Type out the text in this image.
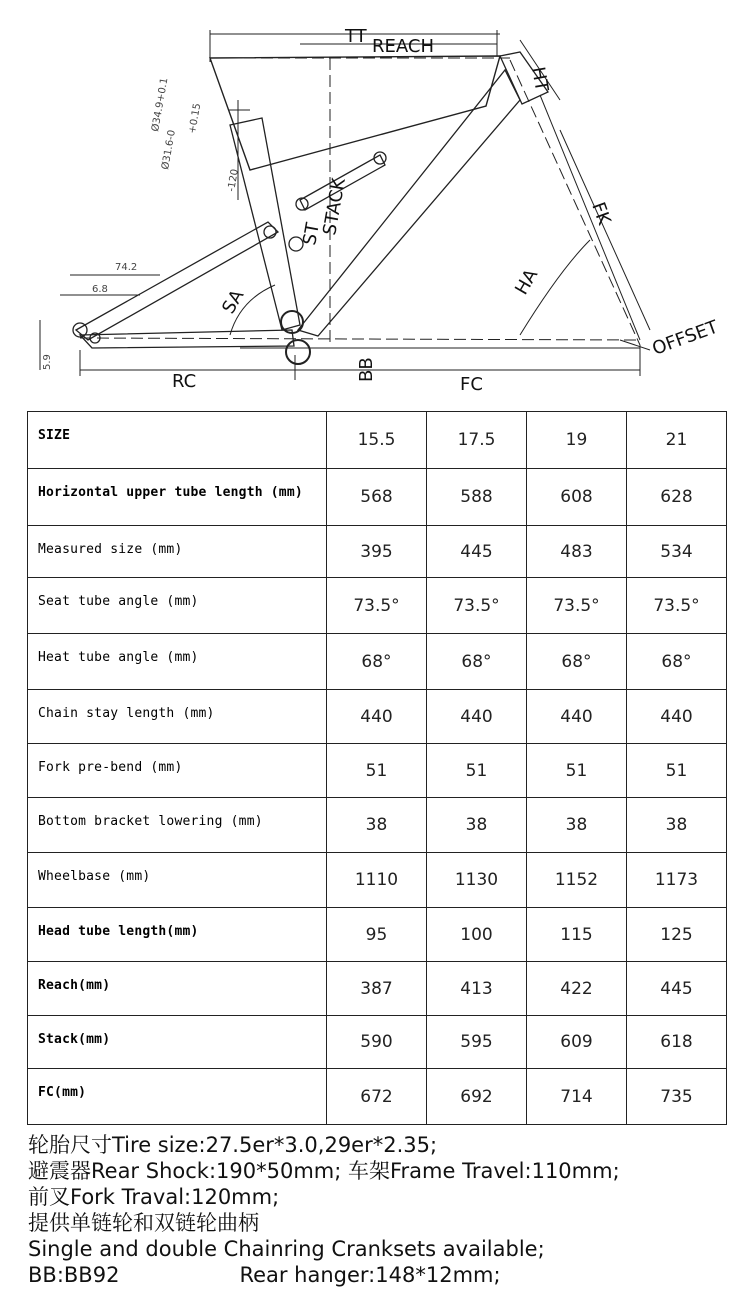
TT REACH
HT
FK
HA
OFFSET
STACK
ST
SA
RC	BB
FC
Ø34.9+0.1 +0.15
Ø31.6-0
-120
74.2
6.8
5.9
SIZE	15.5	17.5	19	21
Horizontal upper tube length (mm)	568	588	608	628
Measured size (mm)	395	445	483	534
Seat tube angle (mm)	73.5°	73.5°	73.5°	73.5°
Heat tube angle (mm)	68°	68°	68°	68°
Chain stay length (mm)	440	440	440	440
Fork pre-bend (mm)	51	51	51	51
Bottom bracket lowering (mm)	38	38	38	38
Wheelbase (mm)	1110	1130	1152	1173
Head tube length(mm)	95	100	115	125
Reach(mm)	387	413	422	445
Stack(mm)	590	595	609	618
FC(mm)	672	692	714	735
轮胎尺寸Tire size:27.5er*3.0,29er*2.35;
避震器Rear Shock:190*50mm; 车架Frame Travel:110mm;
前叉Fork Traval:120mm;
提供单链轮和双链轮曲柄
Single and double Chainring Cranksets available;
BB:BB92	Rear hanger:148*12mm;
